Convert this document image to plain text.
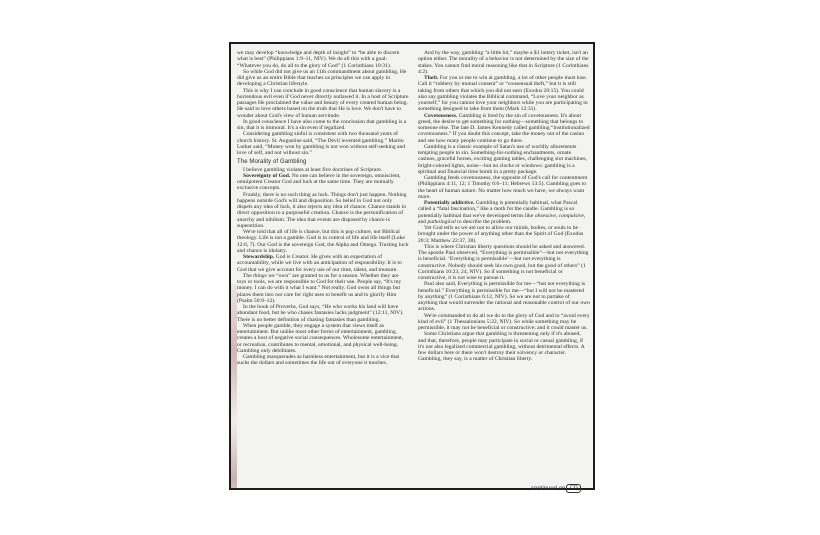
we may develop “knowledge and depth of insight” to “be able to discern what is best” (Philippians 1:9–11, NIV). We do all this with a goal: “Whatever you do, do all to the glory of God” (1 Corinthians 10:31).

So while God did not give us an 11th commandment about gambling, He did give us an entire Bible that teaches us principles we can apply in developing a Christian lifestyle.

This is why I can conclude in good conscience that human slavery is a horrendous evil even if God never directly outlawed it. In a host of Scripture passages He proclaimed the value and beauty of every created human being. He said to love others based on the truth that He is love. We don't have to wonder about God's view of human servitude.

In good conscience I have also come to the conclusion that gambling is a sin, that it is immoral. It's a sin even if legalized.

Considering gambling sinful is consistent with two thousand years of church history. St. Augustine said, “The Devil invented gambling.” Martin Luther said, “Money won by gambling is not won without self-seeking and love of self, and not without sin.”

The Morality of Gambling

I believe gambling violates at least five doctrines of Scripture.

Sovereignty of God. No one can believe in the sovereign, omniscient, omnipotent Creator God and luck at the same time. They are mutually exclusive concepts.

Frankly, there is no such thing as luck. Things don't just happen. Nothing happens outside God's will and disposition. So belief in God not only dispels any idea of luck, it also rejects any idea of chance. Chance stands in direct opposition to a purposeful creation. Chance is the personification of anarchy and nihilism. The idea that events are disposed by chance is superstition.

We're told that all of life is chance, but this is pop culture, not Biblical theology. Life is not a gamble. God is in control of life and life itself (Luke 12:6, 7). Our God is the sovereign God, the Alpha and Omega. Trusting luck and chance is idolatry.

Stewardship. God is Creator. He gives with an expectation of accountability, while we live with an anticipation of responsibility. It is to God that we give account for every use of our time, talent, and treasure.

The things we “own” are granted to us for a season. Whether they are toys or tools, we are responsible to God for their use. People say, “It's my money. I can do with it what I want.” Not really. God owns all things but places them into our care for right uses to benefit us and to glorify Him (Psalm 50:9–12).

In the book of Proverbs, God says, “He who works his land will have abundant food, but he who chases fantasies lacks judgment” (12:11, NIV). There is no better definition of chasing fantasies than gambling.

When people gamble, they engage a system that views itself as entertainment. But unlike most other forms of entertainment, gambling creates a host of negative social consequences. Wholesome entertainment, or recreation, contributes to mental, emotional, and physical well-being. Gambling only debilitates.

Gambling masquerades as harmless entertainment, but it is a vice that sucks the dollars and sometimes the life out of everyone it touches.

And by the way, gambling “a little bit,” maybe a $1 lottery ticket, isn't an option either. The morality of a behavior is not determined by the size of the stakes. You cannot find moral reasoning like that in Scripture (1 Corinthians 4:2).

Theft. For you or me to win at gambling, a lot of other people must lose. Call it “robbery by mutual consent” or “consensual theft,” but it is still taking from others that which you did not earn (Exodus 20:15). You could also say gambling violates the Biblical command, “Love your neighbor as yourself,” for you cannot love your neighbors while you are participating in something designed to take from them (Mark 12:31).

Covetousness. Gambling is bred by the sin of covetousness. It's about greed, the desire to get something for nothing—something that belongs to someone else. The late D. James Kennedy called gambling “institutionalized covetousness.” If you doubt this concept, take the money out of the casino and see how many people continue to go there.

Gambling is a classic example of Satan's use of worldly allurements tempting people to sin. Something-for-nothing enchantments, ornate casinos, graceful horses, exciting gaming tables, challenging slot machines, bright-colored lights, noise—but no clocks or windows: gambling is a spiritual and financial time bomb in a pretty package.

Gambling feeds covetousness, the opposite of God's call for contentment (Philippians 4:11, 12; 1 Timothy 6:6–11; Hebrews 13:5). Gambling goes to the heart of human nature. No matter how much we have, we always want more.

Potentially addictive. Gambling is potentially habitual, what Pascal called a “fatal fascination,” like a moth for the candle. Gambling is so potentially habitual that we've developed terms like obsessive, compulsive, and pathological to describe the problem.

Yet God tells us we are not to allow our minds, bodies, or souls to be brought under the power of anything other than the Spirit of God (Exodus 20:3; Matthew 22:37, 38).

This is where Christian liberty questions should be asked and answered. The apostle Paul observed, “Everything is permissible”—but not everything is beneficial. ‘Everything is permissible’—but not everything is constructive. Nobody should seek his own good, but the good of others” (1 Corinthians 10:23, 24, NIV). So if something is not beneficial or constructive, it is not wise to pursue it.

Paul also said, Everything is permissible for me—“but not everything is beneficial.” Everything is permissible for me—“but I will not be mastered by anything” (1 Corinthians 6:12, NIV). So we are not to partake of anything that would surrender the rational and reasonable control of our own actions.

We're commanded to do all we do to the glory of God and to “avoid every kind of evil” (1 Thessalonians 5:22, NIV). So while something may be permissible, it may not be beneficial or constructive; and it could master us.

Some Christians argue that gambling is threatening only if it's abused, and that, therefore, people may participate in social or casual gambling, if it's not also legalized commercial gambling, without detrimental effects. A few dollars here or there won't destroy their solvency or character. Gambling, they say, is a matter of Christian liberty.

continued on CO
